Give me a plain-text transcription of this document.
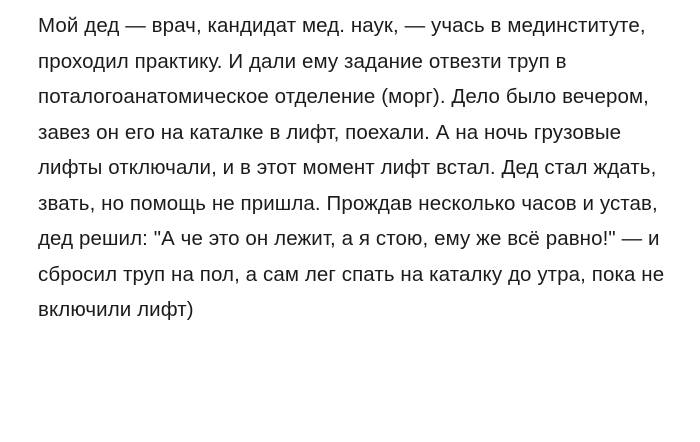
Мой дед — врач, кандидат мед. наук, — учась в мединституте, проходил практику. И дали ему задание отвезти труп в поталогоанатомическое отделение (морг). Дело было вечером, завез он его на каталке в лифт, поехали. А на ночь грузовые лифты отключали, и в этот момент лифт встал. Дед стал ждать, звать, но помощь не пришла. Прождав несколько часов и устав, дед решил: "А че это он лежит, а я стою, ему же всё равно!" — и сбросил труп на пол, а сам лег спать на каталку до утра, пока не включили лифт)
